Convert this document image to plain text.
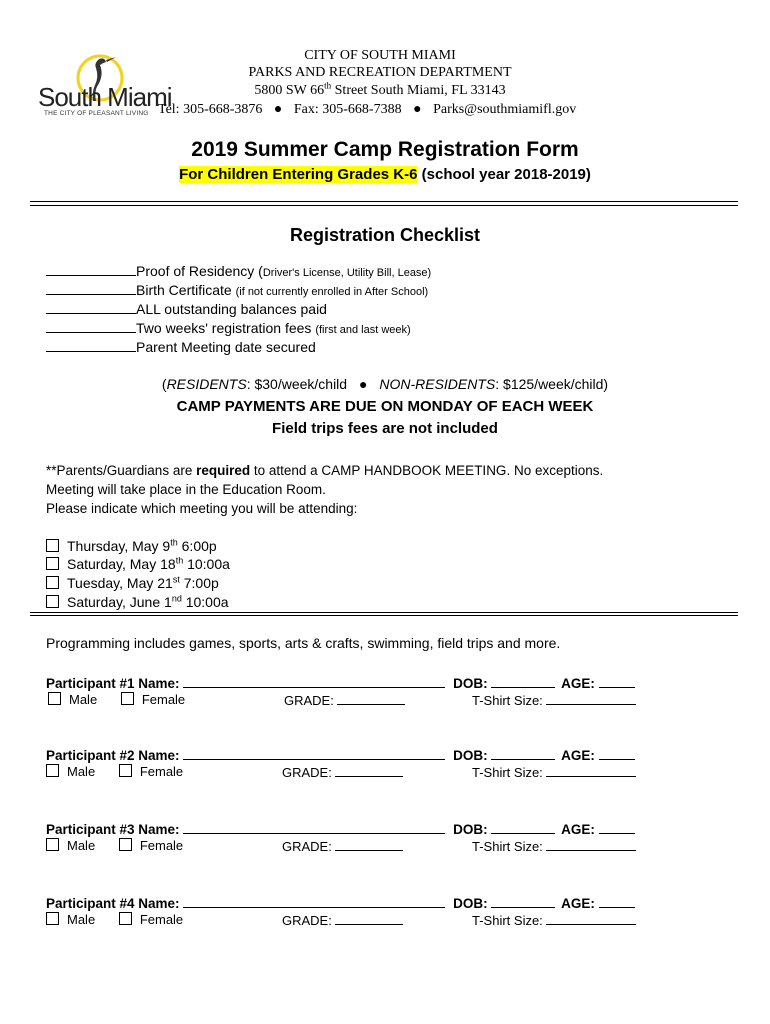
South Miami
THE CITY OF PLEASANT LIVING
CITY OF SOUTH MIAMI
PARKS AND RECREATION DEPARTMENT
5800 SW 66th Street South Miami, FL 33143
Tel: 305-668-3876 ● Fax: 305-668-7388 ● Parks@southmiamifl.gov
2019 Summer Camp Registration Form
For Children Entering Grades K-6 (school year 2018-2019)
Registration Checklist
Proof of Residency (Driver's License, Utility Bill, Lease)
Birth Certificate (if not currently enrolled in After School)
ALL outstanding balances paid
Two weeks' registration fees (first and last week)
Parent Meeting date secured
(RESIDENTS: $30/week/child ● NON-RESIDENTS: $125/week/child)
CAMP PAYMENTS ARE DUE ON MONDAY OF EACH WEEK
Field trips fees are not included
**Parents/Guardians are required to attend a CAMP HANDBOOK MEETING. No exceptions.
Meeting will take place in the Education Room.
Please indicate which meeting you will be attending:
Thursday, May 9th 6:00p
Saturday, May 18th 10:00a
Tuesday, May 21st 7:00p
Saturday, June 1nd 10:00a
Programming includes games, sports, arts & crafts, swimming, field trips and more.
Participant #1 Name:	DOB:	AGE:
Male	Female	GRADE:	T-Shirt Size:
Participant #2 Name:	DOB:	AGE:
Male	Female	GRADE:	T-Shirt Size:
Participant #3 Name:	DOB:	AGE:
Male	Female	GRADE:	T-Shirt Size:
Participant #4 Name:	DOB:	AGE:
Male	Female	GRADE:	T-Shirt Size:
